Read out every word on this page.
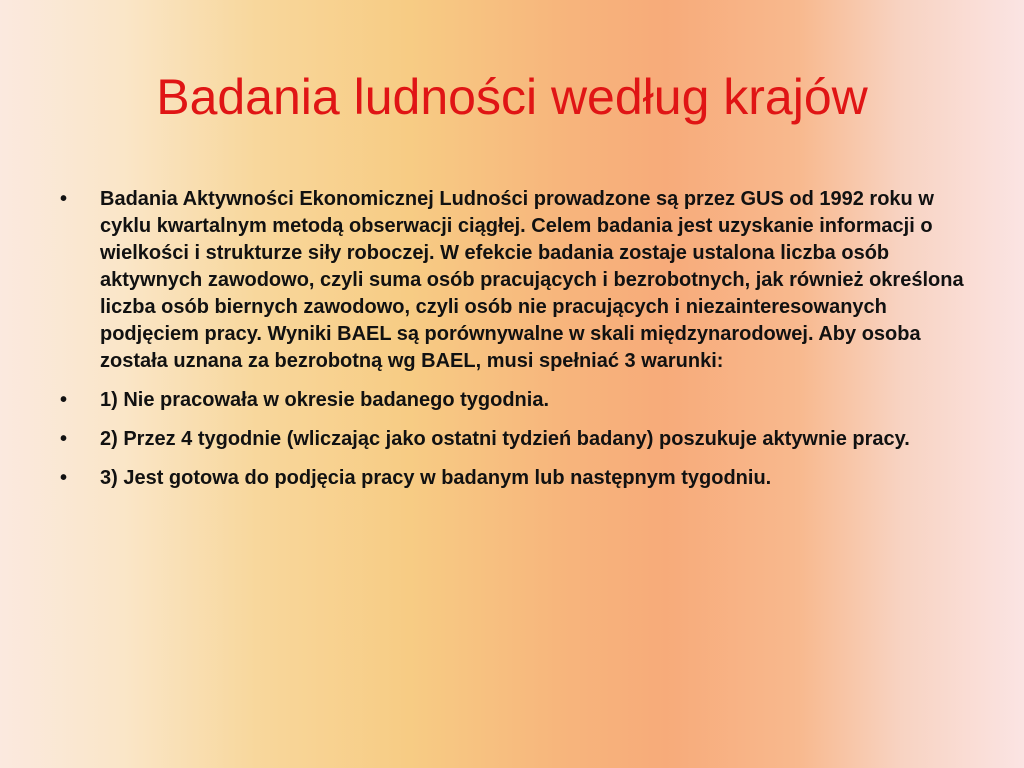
Badania ludności według krajów
•	Badania Aktywności Ekonomicznej Ludności prowadzone są przez GUS od 1992 roku w cyklu kwartalnym metodą obserwacji ciągłej. Celem badania jest uzyskanie informacji o wielkości i strukturze siły roboczej. W efekcie badania zostaje ustalona liczba osób aktywnych zawodowo, czyli suma osób pracujących i bezrobotnych, jak również określona liczba osób biernych zawodowo, czyli osób nie pracujących i niezainteresowanych podjęciem pracy. Wyniki BAEL są porównywalne w skali międzynarodowej. Aby osoba została uznana za bezrobotną wg BAEL, musi spełniać 3 warunki:
•	1) Nie pracowała w okresie badanego tygodnia.
•	2) Przez 4 tygodnie (wliczając jako ostatni tydzień badany) poszukuje aktywnie pracy.
•	3) Jest gotowa do podjęcia pracy w badanym lub następnym tygodniu.
